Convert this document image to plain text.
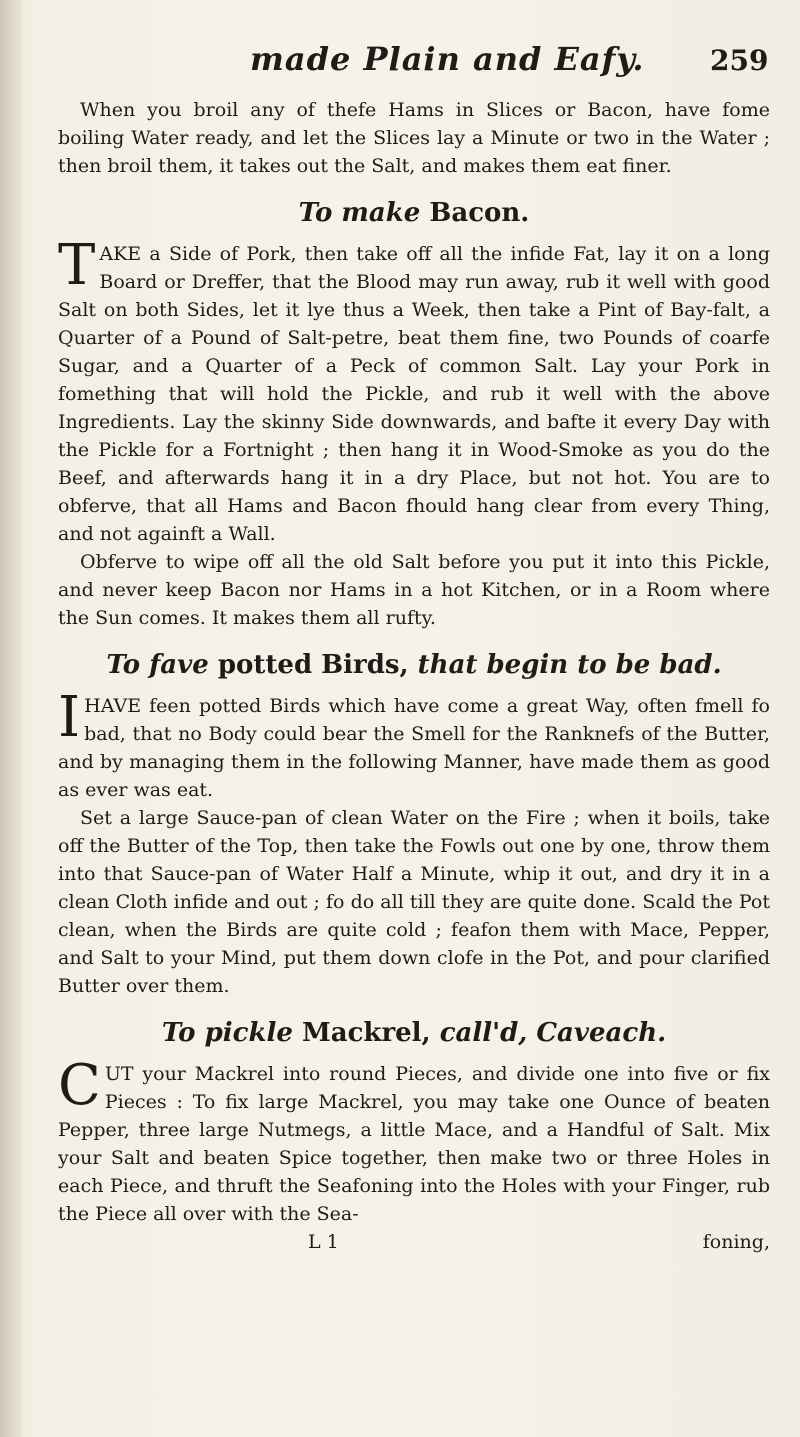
made Plain and Eafy. 259

When you broil any of thefe Hams in Slices or Bacon, have fome boiling Water ready, and let the Slices lay a Minute or two in the Water ; then broil them, it takes out the Salt, and makes them eat finer.

To make Bacon.

TAKE a Side of Pork, then take off all the infide Fat, lay it on a long Board or Dreffer, that the Blood may run away, rub it well with good Salt on both Sides, let it lye thus a Week, then take a Pint of Bay-falt, a Quarter of a Pound of Salt-petre, beat them fine, two Pounds of coarfe Sugar, and a Quarter of a Peck of common Salt. Lay your Pork in fomething that will hold the Pickle, and rub it well with the above Ingredients. Lay the skinny Side downwards, and bafte it every Day with the Pickle for a Fortnight ; then hang it in Wood-Smoke as you do the Beef, and afterwards hang it in a dry Place, but not hot. You are to obferve, that all Hams and Bacon fhould hang clear from every Thing, and not againft a Wall.

Obferve to wipe off all the old Salt before you put it into this Pickle, and never keep Bacon nor Hams in a hot Kitchen, or in a Room where the Sun comes. It makes them all rufty.

To fave potted Birds, that begin to be bad.

IHAVE feen potted Birds which have come a great Way, often fmell fo bad, that no Body could bear the Smell for the Ranknefs of the Butter, and by managing them in the following Manner, have made them as good as ever was eat.

Set a large Sauce-pan of clean Water on the Fire ; when it boils, take off the Butter of the Top, then take the Fowls out one by one, throw them into that Sauce-pan of Water Half a Minute, whip it out, and dry it in a clean Cloth infide and out ; fo do all till they are quite done. Scald the Pot clean, when the Birds are quite cold ; feafon them with Mace, Pepper, and Salt to your Mind, put them down clofe in the Pot, and pour clarified Butter over them.

To pickle Mackrel, call'd, Caveach.

CUT your Mackrel into round Pieces, and divide one into five or fix Pieces : To fix large Mackrel, you may take one Ounce of beaten Pepper, three large Nutmegs, a little Mace, and a Handful of Salt. Mix your Salt and beaten Spice together, then make two or three Holes in each Piece, and thruft the Seafoning into the Holes with your Finger, rub the Piece all over with the Sea-

L 1	foning,
